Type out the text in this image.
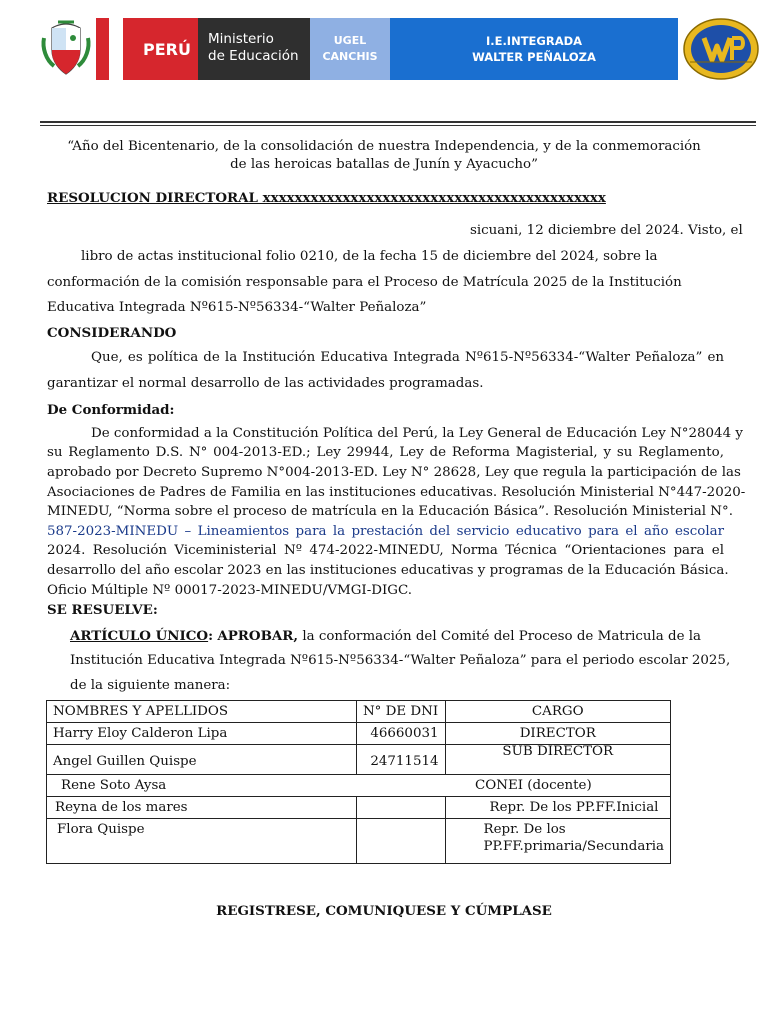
PERÚ
Ministerio
de Educación
UGEL
CANCHIS
I.E.INTEGRADA
WALTER PEÑALOZA
“Año del Bicentenario, de la consolidación de nuestra Independencia, y de la conmemoración
de las heroicas batallas de Junín y Ayacucho”
RESOLUCION DIRECTORAL xxxxxxxxxxxxxxxxxxxxxxxxxxxxxxxxxxxxxxxxxxx
sicuani, 12 diciembre del 2024. Visto, el
libro de actas institucional folio 0210, de la fecha 15 de diciembre del 2024, sobre la
conformación de la comisión responsable para el Proceso de Matrícula 2025 de la Institución
Educativa Integrada Nº615-Nº56334-“Walter Peñaloza”
CONSIDERANDO
Que, es política de la Institución Educativa Integrada Nº615-Nº56334-“Walter Peñaloza” en
garantizar el normal desarrollo de las actividades programadas.
De Conformidad:
De conformidad a la Constitución Política del Perú, la Ley General de Educación Ley N°28044 y
su Reglamento D.S. N° 004-2013-ED.; Ley 29944, Ley de Reforma Magisterial, y su Reglamento,
aprobado por Decreto Supremo N°004-2013-ED. Ley N° 28628, Ley que regula la participación de las
Asociaciones de Padres de Familia en las instituciones educativas. Resolución Ministerial N°447-2020-
MINEDU, “Norma sobre el proceso de matrícula en la Educación Básica”. Resolución Ministerial N°.
587-2023-MINEDU – Lineamientos para la prestación del servicio educativo para el año escolar
2024. Resolución Viceministerial Nº 474-2022-MINEDU, Norma Técnica “Orientaciones para el
desarrollo del año escolar 2023 en las instituciones educativas y programas de la Educación Básica.
Oficio Múltiple Nº 00017-2023-MINEDU/VMGI-DIGC.
SE RESUELVE:
ARTÍCULO ÚNICO: APROBAR, la conformación del Comité del Proceso de Matricula de la
Institución Educativa Integrada Nº615-Nº56334-“Walter Peñaloza” para el periodo escolar 2025,
de la siguiente manera:
NOMBRES Y APELLIDOS	N° DE DNI	CARGO
Harry Eloy Calderon Lipa	46660031	DIRECTOR
Angel Guillen Quispe	24711514	SUB DIRECTOR
Rene Soto Aysa		CONEI (docente)
Reyna de los mares		Repr. De los PP.FF.Inicial
Flora Quispe		Repr. De los PP.FF.primaria/Secundaria
REGISTRESE, COMUNIQUESE Y CÚMPLASE
